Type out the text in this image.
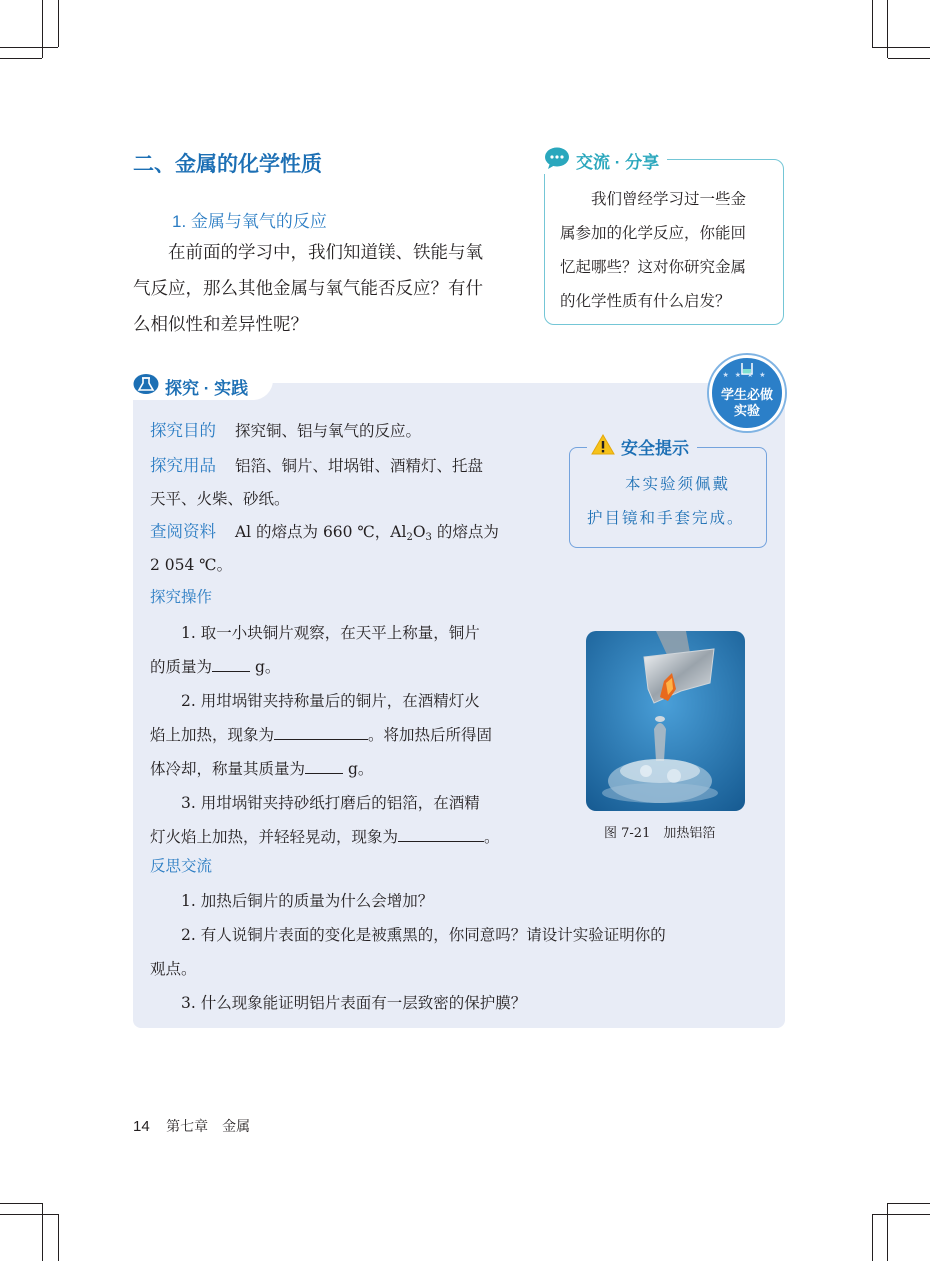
二、金属的化学性质
1. 金属与氧气的反应
　　在前面的学习中，我们知道镁、铁能与氧
气反应，那么其他金属与氧气能否反应？有什
么相似性和差异性呢？
交流 · 分享
　　我们曾经学习过一些金
属参加的化学反应，你能回
忆起哪些？这对你研究金属
的化学性质有什么启发？
探究 · 实践
★★★★
学生必做
实验
探究目的 探究铜、铝与氧气的反应。
探究用品 铝箔、铜片、坩埚钳、酒精灯、托盘
天平、火柴、砂纸。
查阅资料 Al 的熔点为 660 ℃，$Al_2O_3$ 的熔点为
2 054 ℃。
安全提示
本实验须佩戴
护目镜和手套完成。
探究操作
　　1. 取一小块铜片观察，在天平上称量，铜片
的质量为 g。
　　2. 用坩埚钳夹持称量后的铜片，在酒精灯火
焰上加热，现象为	。将加热后所得固
体冷却，称量其质量为 g。
　　3. 用坩埚钳夹持砂纸打磨后的铝箔，在酒精
灯火焰上加热，并轻轻晃动，现象为	。	图 7-21　加热铝箔
反思交流
　　1. 加热后铜片的质量为什么会增加？
　　2. 有人说铜片表面的变化是被熏黑的，你同意吗？请设计实验证明你的
观点。
　　3. 什么现象能证明铝片表面有一层致密的保护膜？
14 第七章　金属
